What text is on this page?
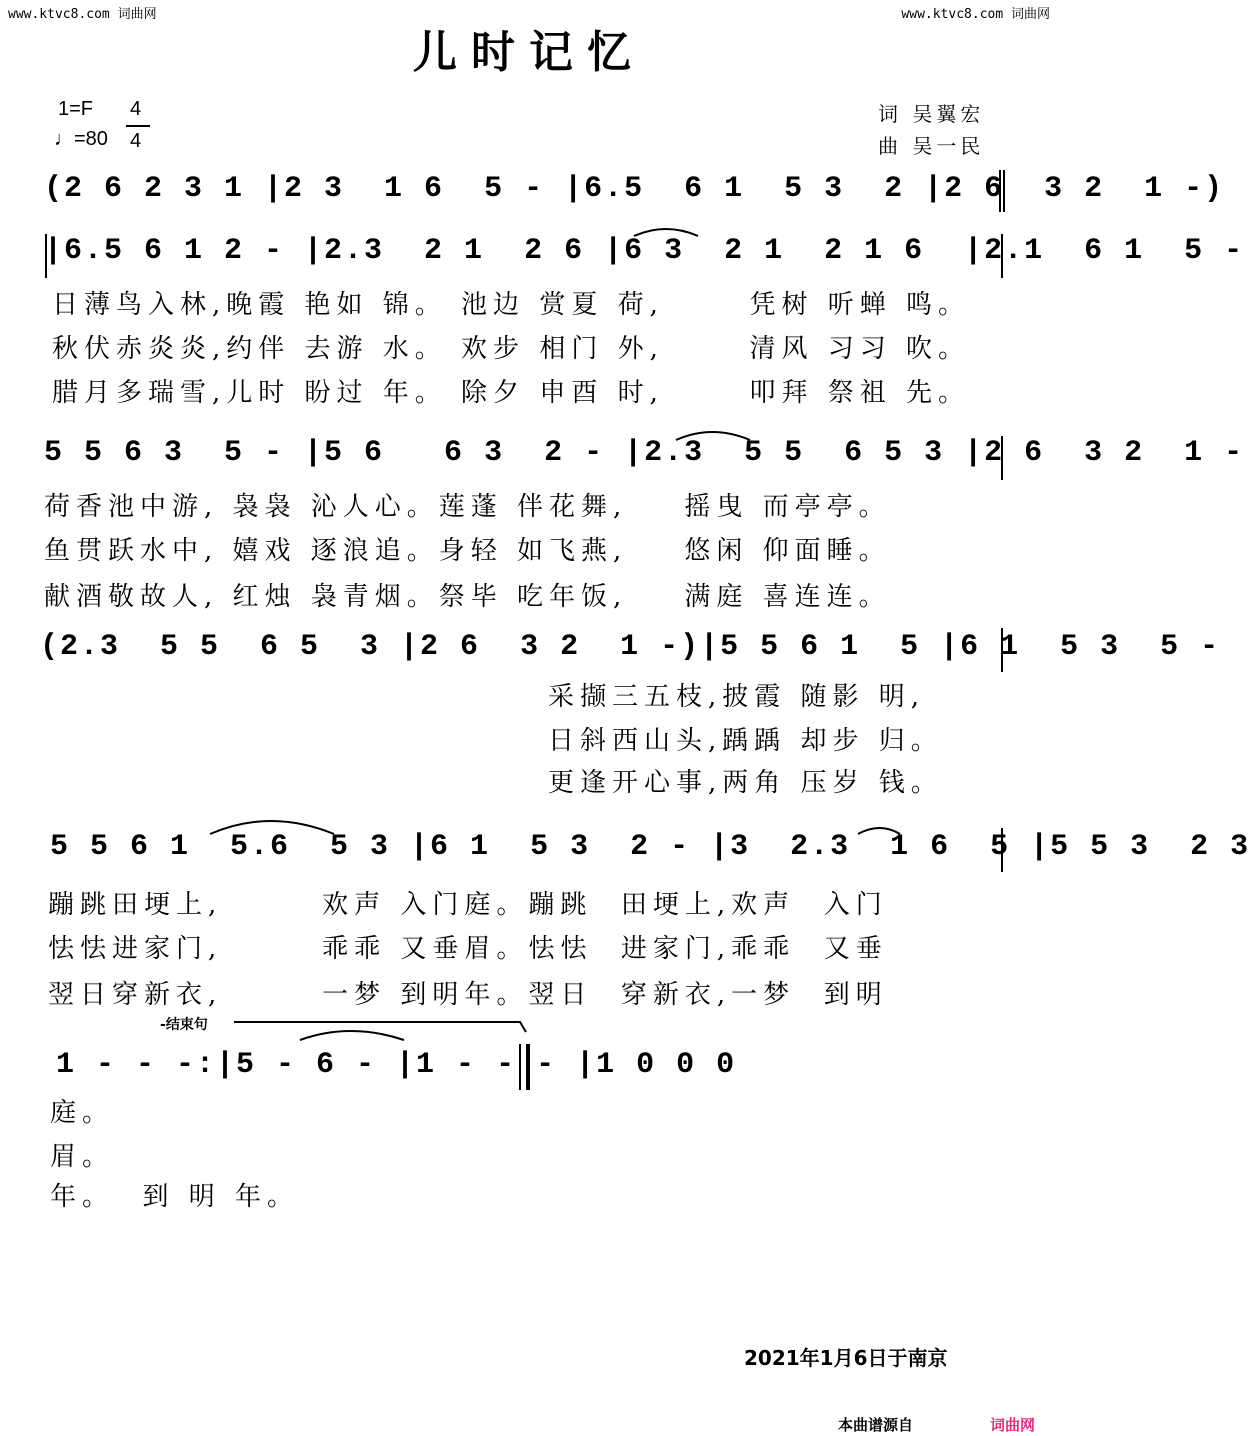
www.ktvc8.com 词曲网	www.ktvc8.com 词曲网
儿时记忆
1=F
♩=80
4
4
词 吴翼宏
曲 吴一民
(2 6 2 3 1 |2 3  1 6  5 - |6.5  6 1  5 3  2 |2 6  3 2  1 -)
|6.5 6 1 2 - |2.3  2 1  2 6 |6 3  2 1  2 1 6  |2.1  6 1  5 -
日薄鸟入林,晚霞 艳如 锦。 池边 赏夏 荷,      凭树 听蝉 鸣。
秋伏赤炎炎,约伴 去游 水。 欢步 相门 外,      清风 习习 吹。
腊月多瑞雪,儿时 盼过 年。 除夕 申酉 时,      叩拜 祭祖 先。
5 5 6 3  5 - |5 6   6 3  2 - |2.3  5 5  6 5 3 |2 6  3 2  1 -
荷香池中游, 袅袅 沁人心。莲蓬 伴花舞,    摇曳 而亭亭。
鱼贯跃水中, 嬉戏 逐浪追。身轻 如飞燕,    悠闲 仰面睡。
献酒敬故人, 红烛 袅青烟。祭毕 吃年饭,    满庭 喜连连。
(2.3  5 5  6 5  3 |2 6  3 2  1 -)|5 5 6 1  5 |6 1  5 3  5 -
采撷三五枝,披霞 随影 明,
日斜西山头,踽踽 却步 归。
更逢开心事,两角 压岁 钱。
5 5 6 1  5.6  5 3 |6 1  5 3  2 - |3  2.3  1 6  5 |5 5 3  2 3
蹦跳田埂上,       欢声 入门庭。蹦跳  田埂上,欢声  入门
怯怯进家门,       乖乖 又垂眉。怯怯  进家门,乖乖  又垂
翌日穿新衣,       一梦 到明年。翌日  穿新衣,一梦  到明
-结束句
1 - - -:|5 - 6 - |1 - - - |1 0 0 0
庭。
眉。
年。  到 明 年。
2021年1月6日于南京
本曲谱源自	词曲网
